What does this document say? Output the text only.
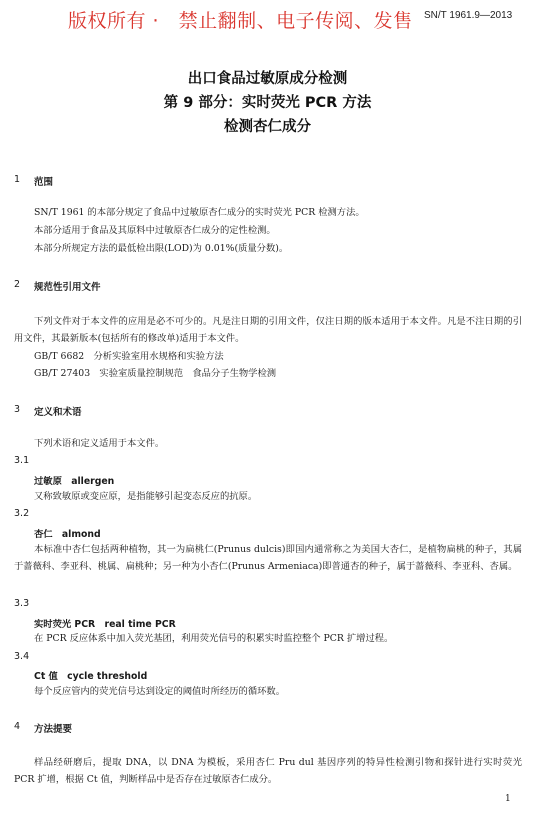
版权所有 ·　禁止翻制、电子传阅、发售 SN/T 1961.9—2013
出口食品过敏原成分检测
第 9 部分：实时荧光 PCR 方法
检测杏仁成分
1 范围
SN/T 1961 的本部分规定了食品中过敏原杏仁成分的实时荧光 PCR 检测方法。
本部分适用于食品及其原料中过敏原杏仁成分的定性检测。
本部分所规定方法的最低检出限(LOD)为 0.01%(质量分数)。
2 规范性引用文件
下列文件对于本文件的应用是必不可少的。凡是注日期的引用文件，仅注日期的版本适用于本文件。凡是不注日期的引用文件，其最新版本(包括所有的修改单)适用于本文件。
GB/T 6682　分析实验室用水规格和实验方法
GB/T 27403　实验室质量控制规范　食品分子生物学检测
3 定义和术语
下列术语和定义适用于本文件。
3.1
过敏原　allergen
又称致敏原或变应原，是指能够引起变态反应的抗原。
3.2
杏仁　almond
本标准中杏仁包括两种植物，其一为扁桃仁(Prunus dulcis)即国内通常称之为美国大杏仁，是植物扁桃的种子，其属于蔷薇科、李亚科、桃属、扁桃种；另一种为小杏仁(Prunus Armeniaca)即普通杏的种子，属于蔷薇科、李亚科、杏属。
3.3
实时荧光 PCR　real time PCR
在 PCR 反应体系中加入荧光基团，利用荧光信号的积累实时监控整个 PCR 扩增过程。
3.4
Ct 值　cycle threshold
每个反应管内的荧光信号达到设定的阈值时所经历的循环数。
4 方法提要
样品经研磨后，提取 DNA，以 DNA 为模板，采用杏仁 Pru dul 基因序列的特异性检测引物和探针进行实时荧光 PCR 扩增，根据 Ct 值，判断样品中是否存在过敏原杏仁成分。
1
